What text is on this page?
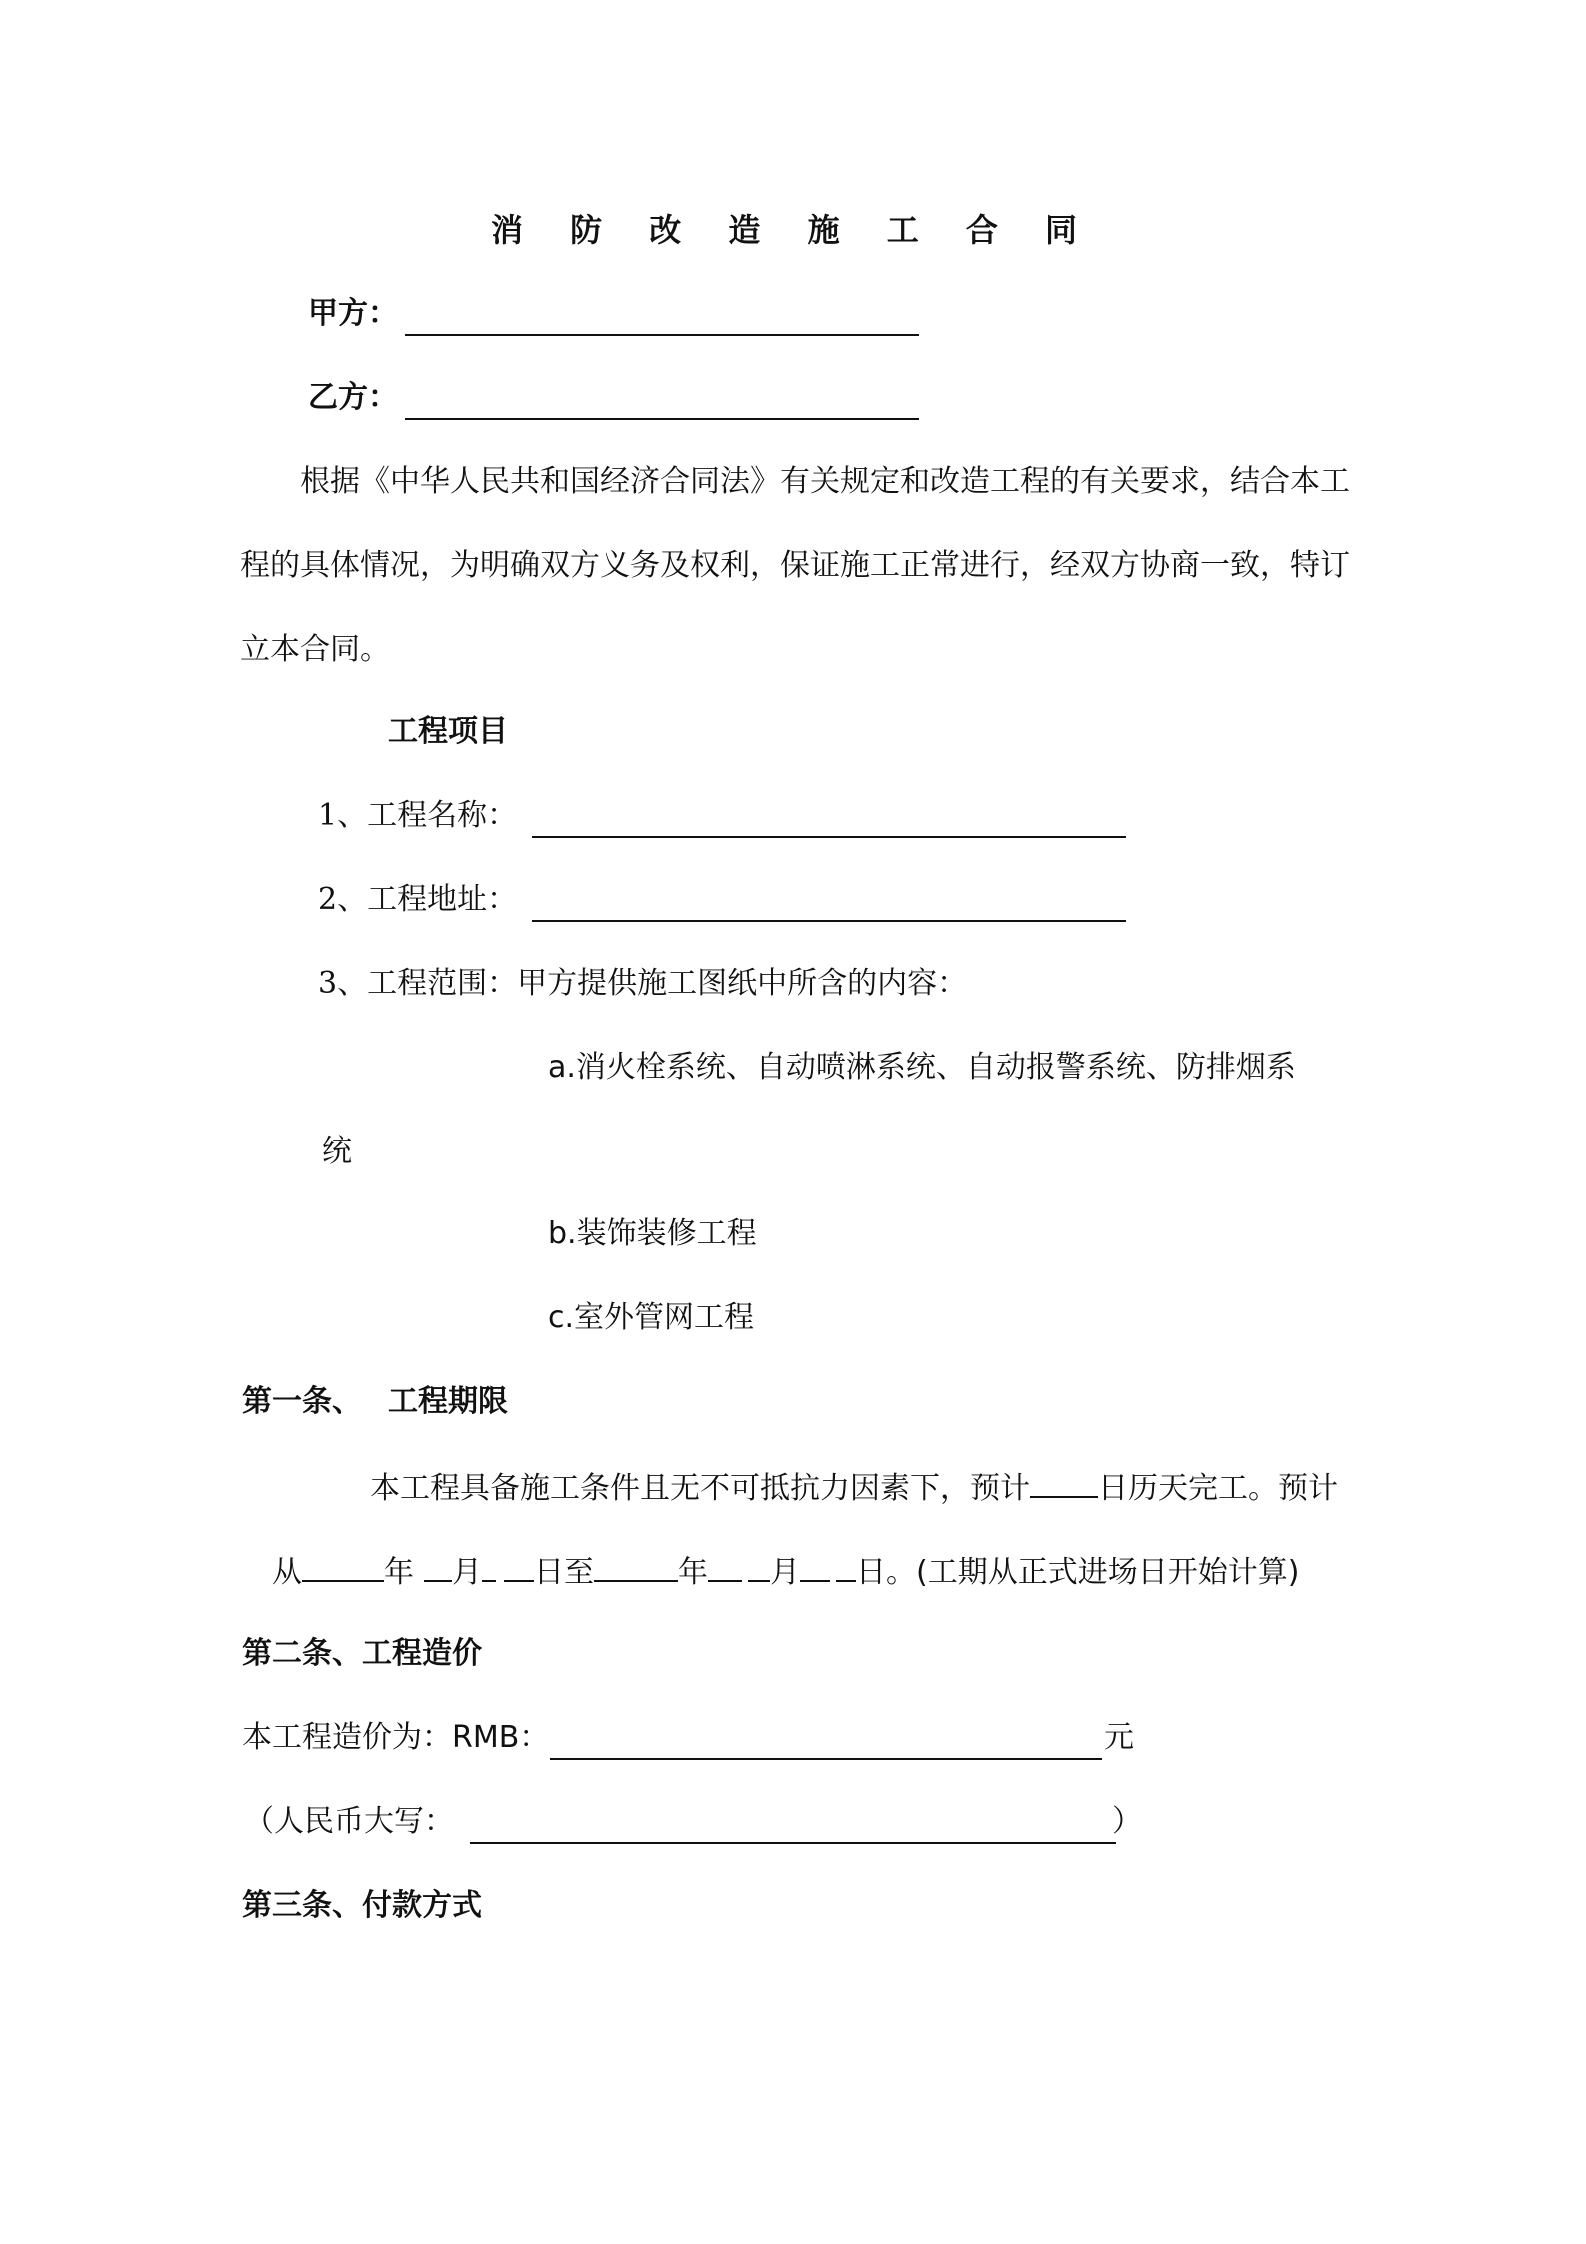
消 防 改 造 施 工 合 同
甲方：
乙方：
根据《中华人民共和国经济合同法》有关规定和改造工程的有关要求，结合本工
程的具体情况，为明确双方义务及权利，保证施工正常进行，经双方协商一致，特订
立本合同。
工程项目
1、工程名称：
2、工程地址：
3、工程范围：甲方提供施工图纸中所含的内容：
a.消火栓系统、自动喷淋系统、自动报警系统、防排烟系
统
b.装饰装修工程
c.室外管网工程
第一条、 工程期限
本工程具备施工条件且无不可抵抗力因素下，预计 日历天完工。预计
从	年 月 日至	年 月 日。(工期从正式进场日开始计算)
第二条、工程造价
本工程造价为：RMB：	元
（人民币大写：	）
第三条、付款方式
